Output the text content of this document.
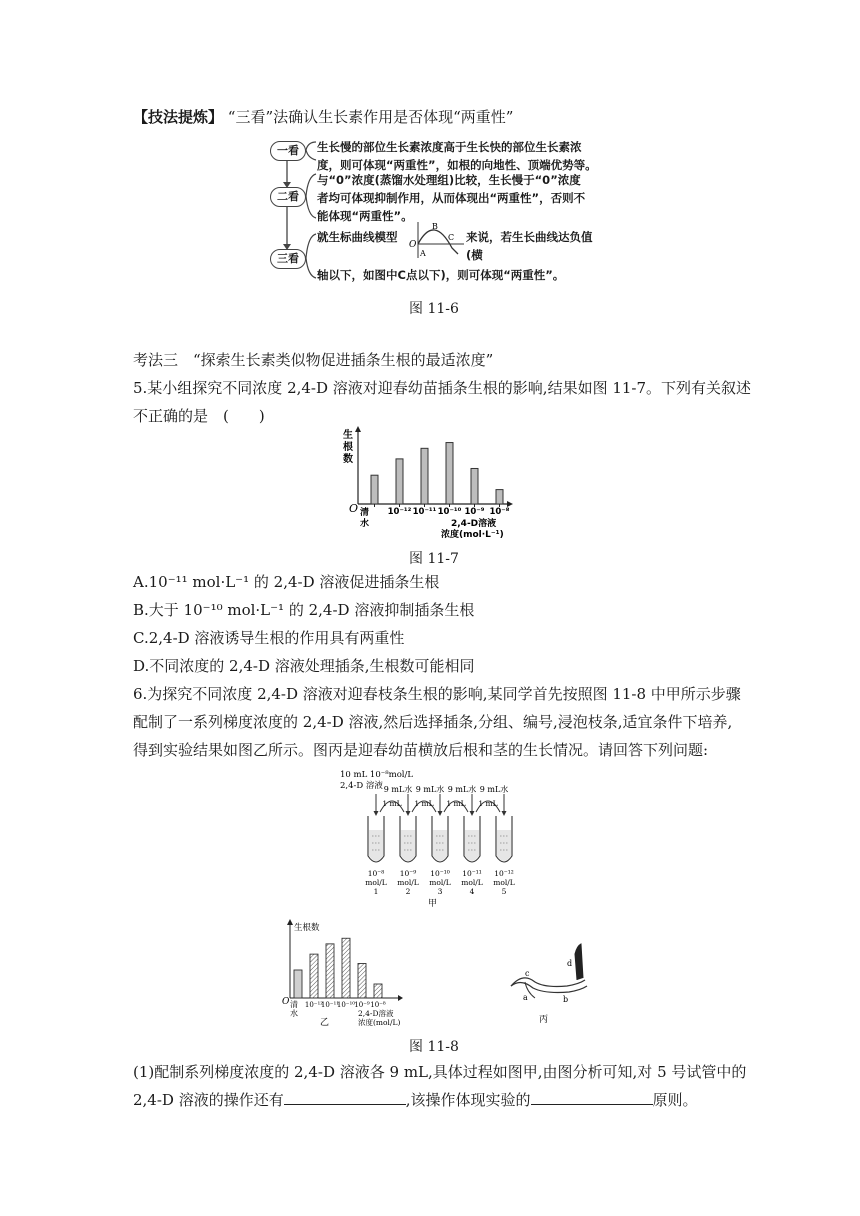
【技法提炼】 “三看”法确认生长素作用是否体现“两重性”
一看
二看
三看
生长慢的部位生长素浓度高于生长快的部位生长素浓
度，则可体现“两重性”，如根的向地性、顶端优势等。
与“0”浓度(蒸馏水处理组)比较，生长慢于“0”浓度
者均可体现抑制作用，从而体现出“两重性”，否则不
能体现“两重性”。
就生标曲线模型
O
A
B
C 来说，若生长曲线达负值(横
轴以下，如图中C点以下)，则可体现“两重性”。
图 11-6
考法三　“探索生长素类似物促进插条生根的最适浓度”
5.某小组探究不同浓度 2,4-D 溶液对迎春幼苗插条生根的影响,结果如图 11-7。下列有关叙述
不正确的是　(　　)
10⁻¹² 10⁻¹¹ 10⁻¹⁰ 10⁻⁹ 10⁻⁸
O
生
根
数
清
水	2,4-D溶液
浓度(mol·L⁻¹)
图 11-7
A.10⁻¹¹ mol·L⁻¹ 的 2,4-D 溶液促进插条生根
B.大于 10⁻¹⁰ mol·L⁻¹ 的 2,4-D 溶液抑制插条生根
C.2,4-D 溶液诱导生根的作用具有两重性
D.不同浓度的 2,4-D 溶液处理插条,生根数可能相同
6.为探究不同浓度 2,4-D 溶液对迎春枝条生根的影响,某同学首先按照图 11-8 中甲所示步骤
配制了一系列梯度浓度的 2,4-D 溶液,然后选择插条,分组、编号,浸泡枝条,适宜条件下培养,
得到实验结果如图乙所示。图丙是迎春幼苗横放后根和茎的生长情况。请回答下列问题:
10 mL 10⁻⁸mol/L
2,4-D 溶液
10⁻⁸
mol/L
1
9 mL水
1 mL
10⁻⁹
mol/L
2
9 mL水
1 mL
10⁻¹⁰
mol/L
3
9 mL水
1 mL
10⁻¹¹
mol/L
4
9 mL水
1 mL
10⁻¹²
mol/L
5
甲
生根数
O 10⁻¹²
10⁻¹¹
10⁻¹⁰ 10⁻⁹ 10⁻⁸
清
水	2,4-D溶液
浓度(mol/L)
乙
a	b
c
d
丙
图 11-8
(1)配制系列梯度浓度的 2,4-D 溶液各 9 mL,具体过程如图甲,由图分析可知,对 5 号试管中的
2,4-D 溶液的操作还有	,该操作体现实验的	原则。
